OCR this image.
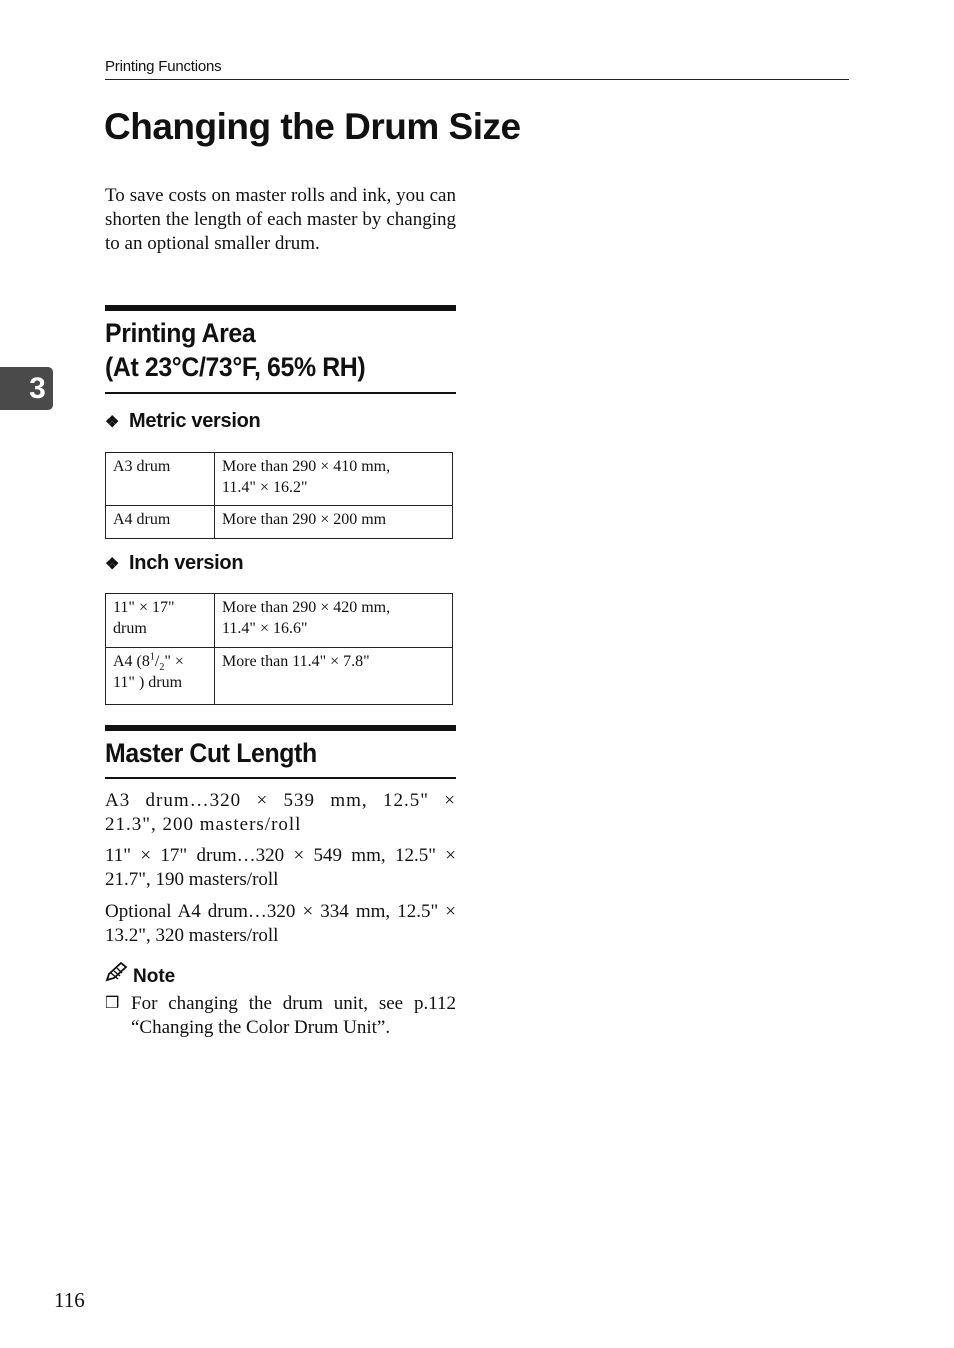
Printing Functions
Changing the Drum Size

To save costs on master rolls and ink, you can shorten the length of each master by changing to an optional smaller drum.

3
Printing Area
(At 23°C/73°F, 65% RH)
❖ Metric version
A3 drum	More than 290 × 410 mm,
11.4" × 16.2"
A4 drum	More than 290 × 200 mm
❖ Inch version
11" × 17"
drum	More than 290 × 420 mm,
11.4" × 16.6"
A4 ($8^1/_2$" ×
11" ) drum	More than 11.4" × 7.8"
Master Cut Length

A3 drum…320 × 539 mm, 12.5" × 21.3", 200 masters/roll

11" × 17" drum…320 × 549 mm, 12.5" × 21.7", 190 masters/roll

Optional A4 drum…320 × 334 mm, 12.5" × 13.2", 320 masters/roll

Note
❒ For changing the drum unit, see p.112 “Changing the Color Drum Unit”.
116
